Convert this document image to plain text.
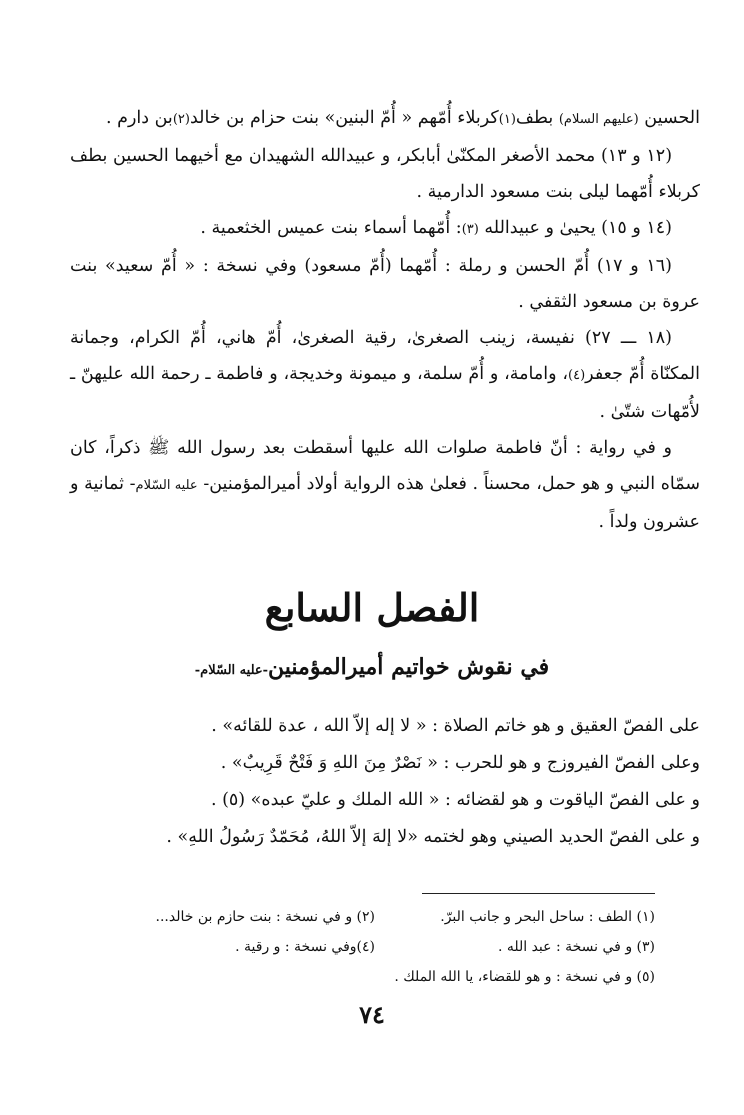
الحسين (عليهم السلام) بطف(١)كربلاء أُمّهم « أُمّ البنين» بنت حزام بن خالد(٢)بن دارم .

(١٢ و ١٣) محمد الأصغر المكنّىٰ أبابكر، و عبيدالله الشهيدان مع أخيهما الحسين بطف كربلاء أُمّهما ليلى بنت مسعود الدارمية .

(١٤ و ١٥) يحيىٰ و عبيدالله (٣): أُمّهما أسماء بنت عميس الخثعمية .

(١٦ و ١٧) أُمّ الحسن و رملة : أُمّهما (أُمّ مسعود) وفي نسخة : « أُمّ سعيد» بنت عروة بن مسعود الثقفي .

(١٨ ـــ ٢٧) نفيسة، زينب الصغرىٰ، رقية الصغرىٰ، أُمّ هاني، أُمّ الكرام، وجمانة المكنّاة أُمّ جعفر(٤)، وامامة، و أُمّ سلمة، و ميمونة وخديجة، و فاطمة ـ رحمة الله عليهنّ ـ لأُمّهات شتّىٰ .

و في رواية : أنّ فاطمة صلوات الله عليها أسقطت بعد رسول الله ﷺ ذكراً، كان سمّاه النبي و هو حمل، محسناً . فعلىٰ هذه الرواية أولاد أميرالمؤمنين- عليه السّلام- ثمانية و عشرون ولداً .

الفصل السابع
في نقوش خواتيم أميرالمؤمنين-عليه السّلام-

على الفصّ العقيق و هو خاتم الصلاة : « لا إله إلاّ الله ، عدة للقائه» .

وعلى الفصّ الفيروزج و هو للحرب : « نَصْرٌ مِنَ اللهِ وَ فَتْحٌ قَرِيبٌ» .

و على الفصّ الياقوت و هو لقضائه : « الله الملك و عليّ عبده» (٥) .

و على الفصّ الحديد الصيني وهو لختمه «لا إلهَ إلاّ اللهُ، مُحَمّدٌ رَسُولُ اللهِ» .

(١) الطف : ساحل البحر و جانب البرّ.
(٢) و في نسخة : بنت حازم بن خالد...
(٣) و في نسخة : عبد الله .
(٤)وفي نسخة : و رقية .
(٥) و في نسخة : و هو للقضاء، يا الله الملك .
٧٤
